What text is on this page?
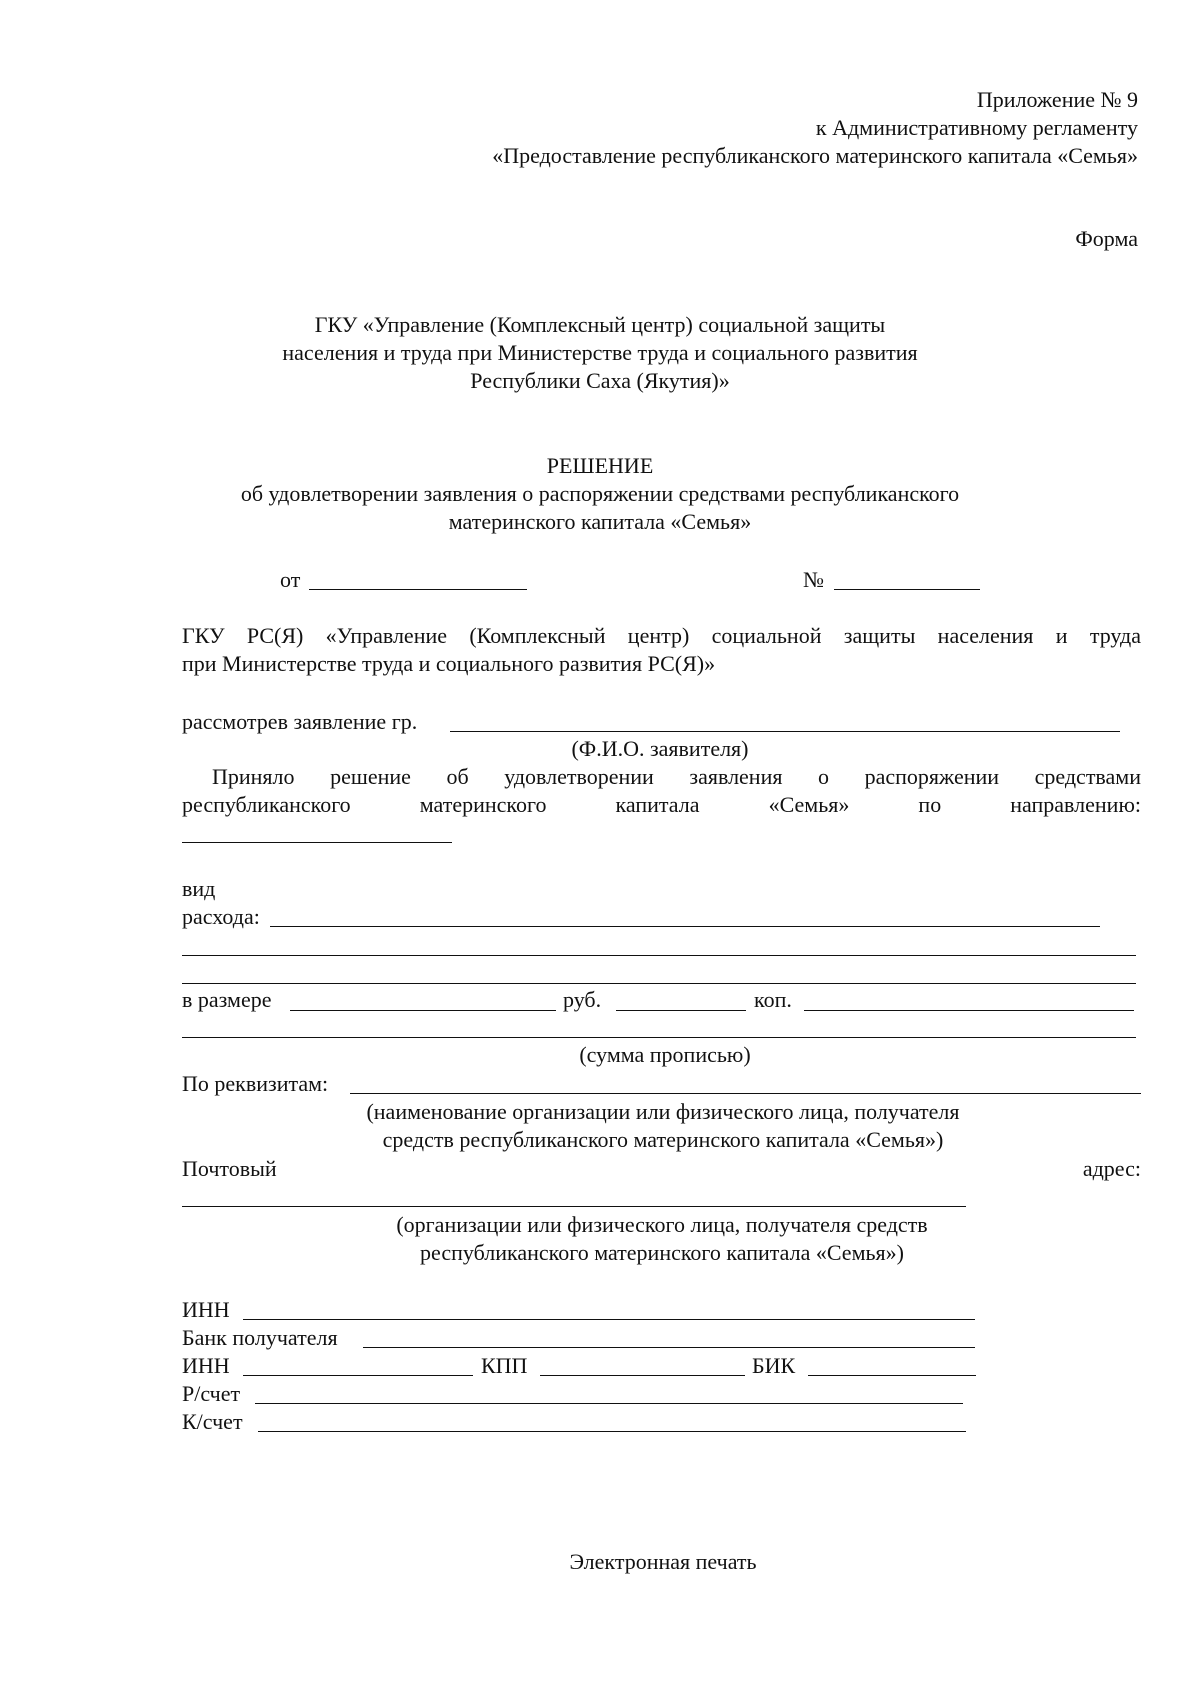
Приложение № 9
к Административному регламенту
«Предоставление республиканского материнского капитала «Семья»
Форма
ГКУ «Управление (Комплексный центр) социальной защиты
населения и труда при Министерстве труда и социального развития
Республики Саха (Якутия)»
РЕШЕНИЕ
об удовлетворении заявления о распоряжении средствами республиканского
материнского капитала «Семья»
от	№
ГКУ РС(Я) «Управление (Комплексный центр) социальной защиты населения и труда
при Министерстве труда и социального развития РС(Я)»
рассмотрев заявление гр.
(Ф.И.О. заявителя)
Приняло решение об удовлетворении заявления о распоряжении средствами
республиканского материнского капитала «Семья» по направлению:
вид
расхода:
в размере	руб.	коп.
(сумма прописью)
По реквизитам:
(наименование организации или физического лица, получателя
средств республиканского материнского капитала «Семья»)
Почтовый	адрес:
(организации или физического лица, получателя средств
республиканского материнского капитала «Семья»)
ИНН
Банк получателя
ИНН	КПП	БИК
Р/счет
К/счет
Электронная печать
